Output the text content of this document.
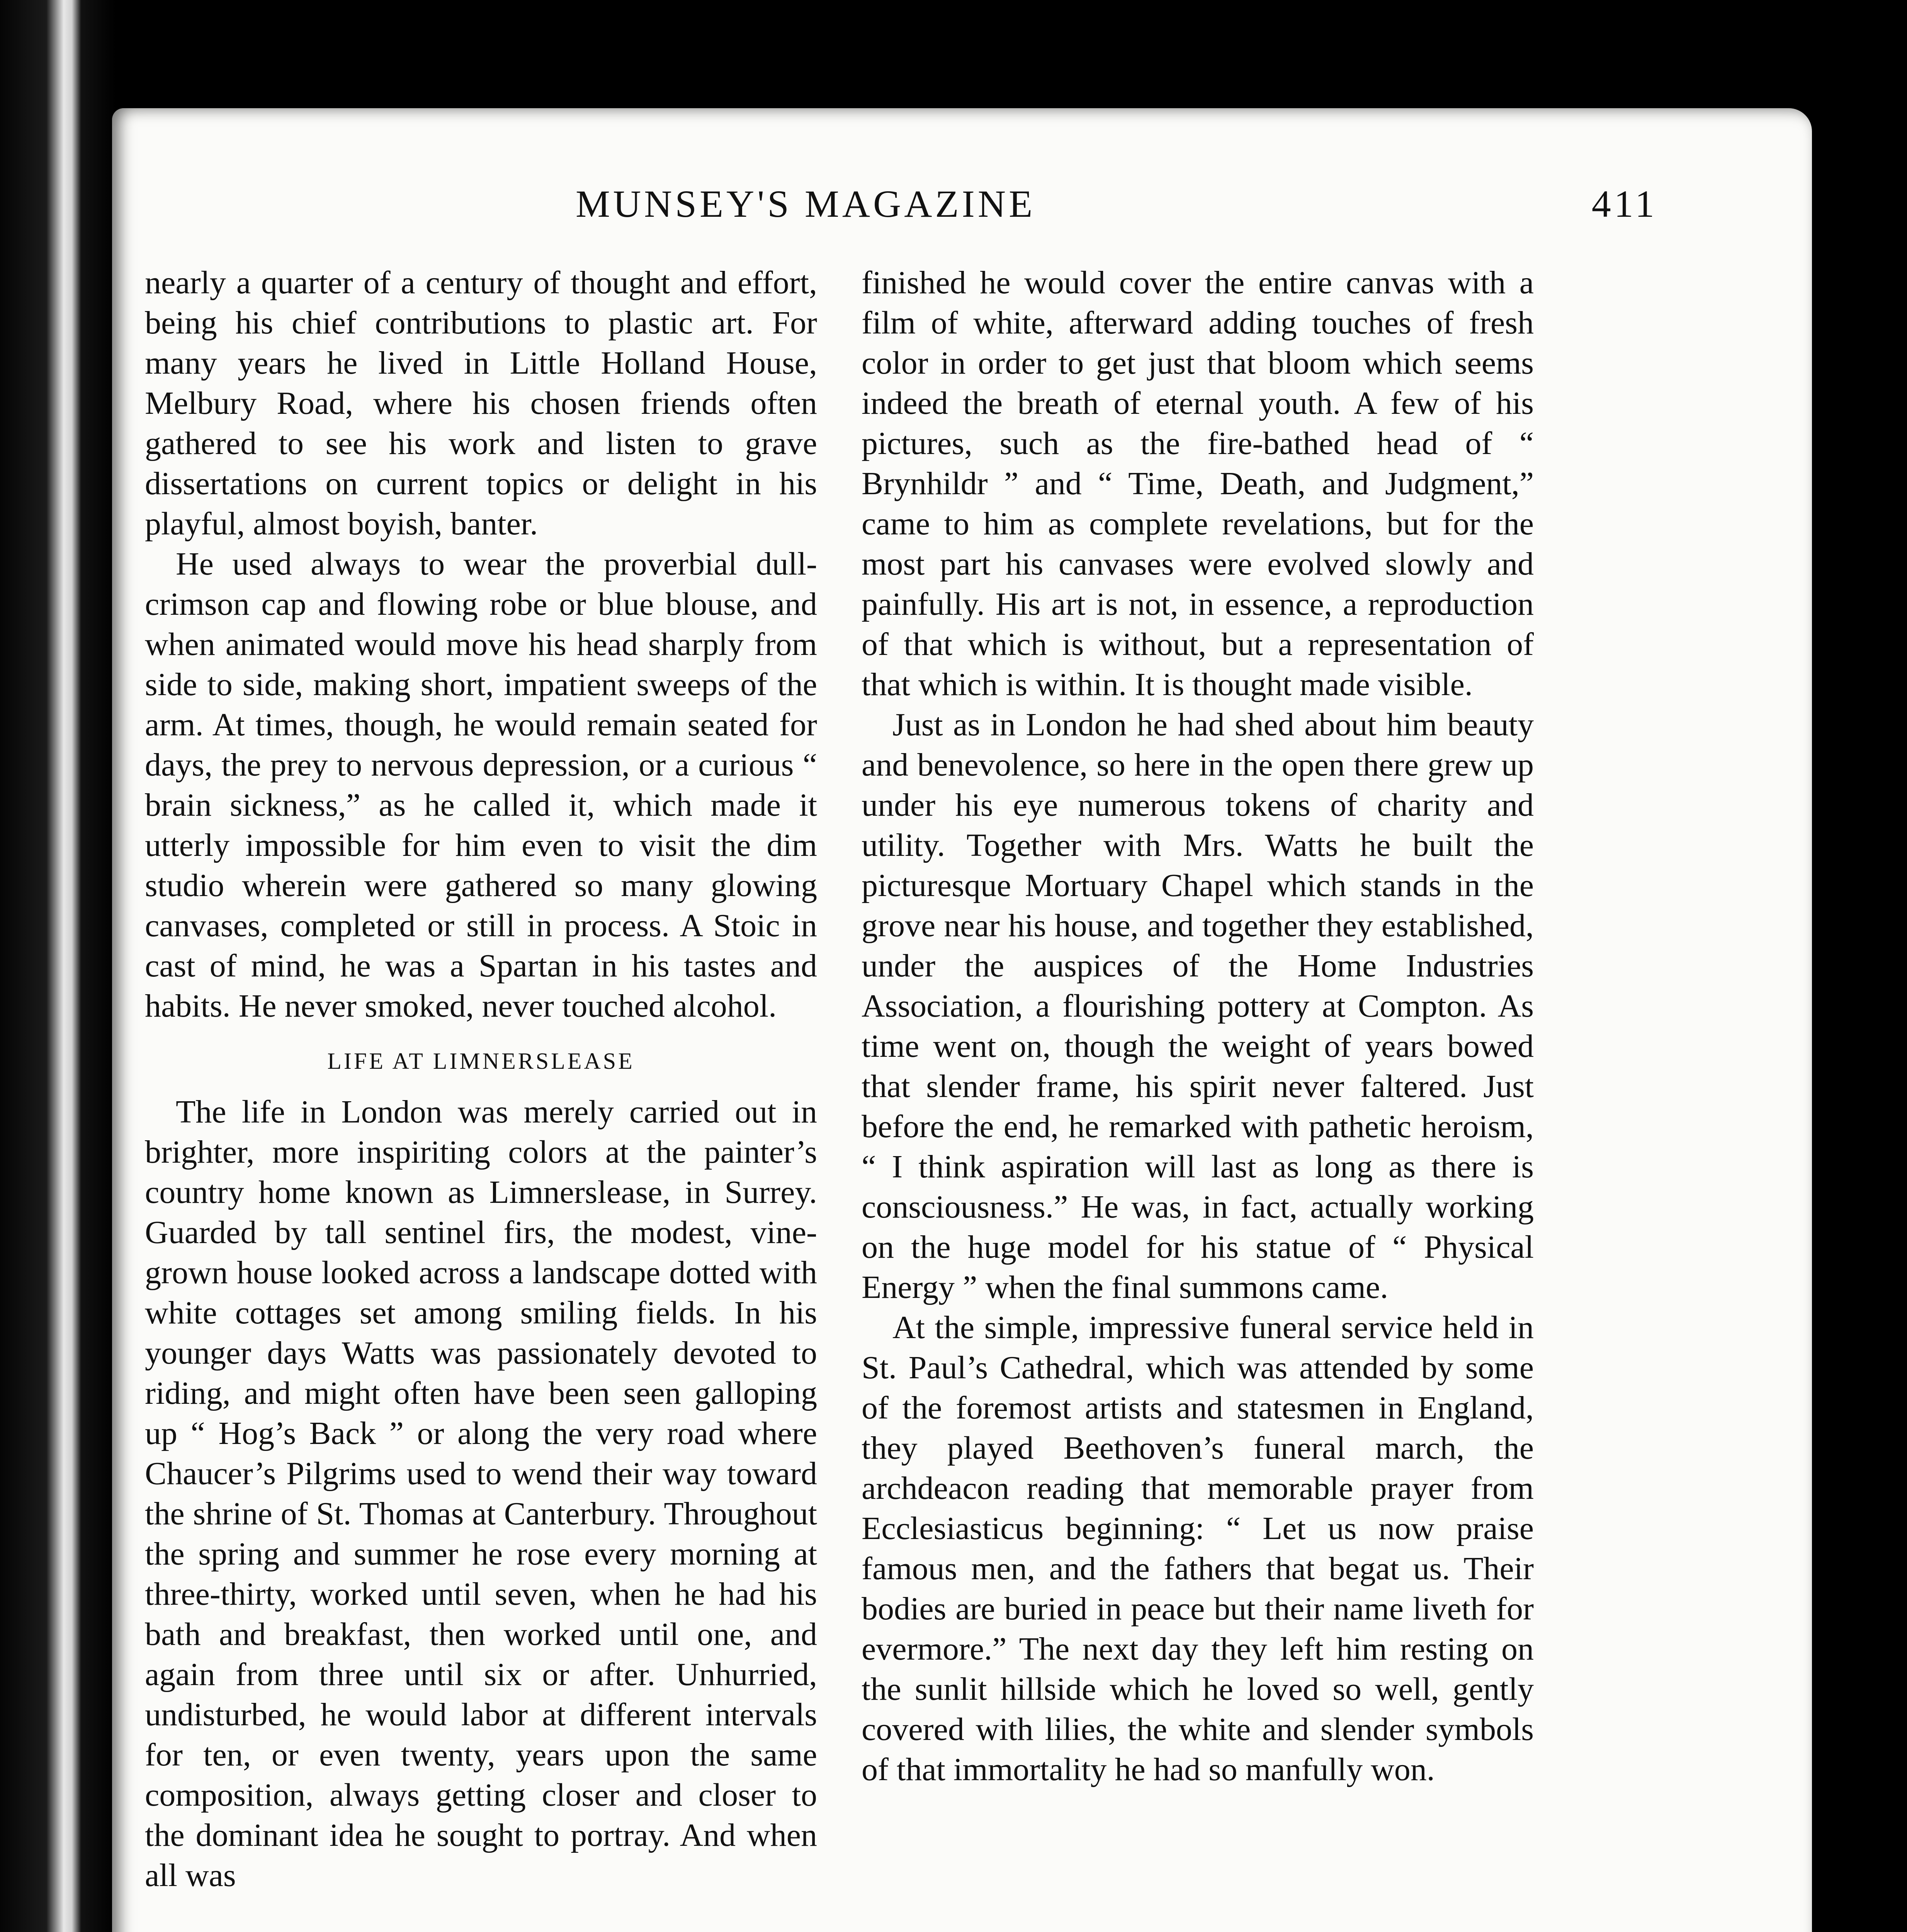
MUNSEY'S MAGAZINE	411

nearly a quarter of a century of thought and effort, being his chief contributions to plastic art. For many years he lived in Little Holland House, Melbury Road, where his chosen friends often gathered to see his work and listen to grave dissertations on current topics or delight in his playful, almost boyish, banter.

He used always to wear the proverbial dull-crimson cap and flowing robe or blue blouse, and when animated would move his head sharply from side to side, making short, impatient sweeps of the arm. At times, though, he would remain seated for days, the prey to nervous depression, or a curious “ brain sickness,” as he called it, which made it utterly impossible for him even to visit the dim studio wherein were gathered so many glowing canvases, completed or still in process. A Stoic in cast of mind, he was a Spartan in his tastes and habits. He never smoked, never touched alcohol.

LIFE AT LIMNERSLEASE

The life in London was merely carried out in brighter, more inspiriting colors at the painter’s country home known as Limnerslease, in Surrey. Guarded by tall sentinel firs, the modest, vine-grown house looked across a landscape dotted with white cottages set among smiling fields. In his younger days Watts was passionately devoted to riding, and might often have been seen galloping up “ Hog’s Back ” or along the very road where Chaucer’s Pilgrims used to wend their way toward the shrine of St. Thomas at Canterbury. Throughout the spring and summer he rose every morning at three-thirty, worked until seven, when he had his bath and breakfast, then worked until one, and again from three until six or after. Unhurried, undisturbed, he would labor at different intervals for ten, or even twenty, years upon the same composition, always getting closer and closer to the dominant idea he sought to portray. And when all was

finished he would cover the entire canvas with a film of white, afterward adding touches of fresh color in order to get just that bloom which seems indeed the breath of eternal youth. A few of his pictures, such as the fire-bathed head of “ Brynhildr ” and “ Time, Death, and Judgment,” came to him as complete revelations, but for the most part his canvases were evolved slowly and painfully. His art is not, in essence, a reproduction of that which is without, but a representation of that which is within. It is thought made visible.

Just as in London he had shed about him beauty and benevolence, so here in the open there grew up under his eye numerous tokens of charity and utility. Together with Mrs. Watts he built the picturesque Mortuary Chapel which stands in the grove near his house, and together they established, under the auspices of the Home Industries Association, a flourishing pottery at Compton. As time went on, though the weight of years bowed that slender frame, his spirit never faltered. Just before the end, he remarked with pathetic heroism, “ I think aspiration will last as long as there is consciousness.” He was, in fact, actually working on the huge model for his statue of “ Physical Energy ” when the final summons came.

At the simple, impressive funeral service held in St. Paul’s Cathedral, which was attended by some of the foremost artists and statesmen in England, they played Beethoven’s funeral march, the archdeacon reading that memorable prayer from Ecclesiasticus beginning: “ Let us now praise famous men, and the fathers that begat us. Their bodies are buried in peace but their name liveth for evermore.” The next day they left him resting on the sunlit hillside which he loved so well, gently covered with lilies, the white and slender symbols of that immortality he had so manfully won.
